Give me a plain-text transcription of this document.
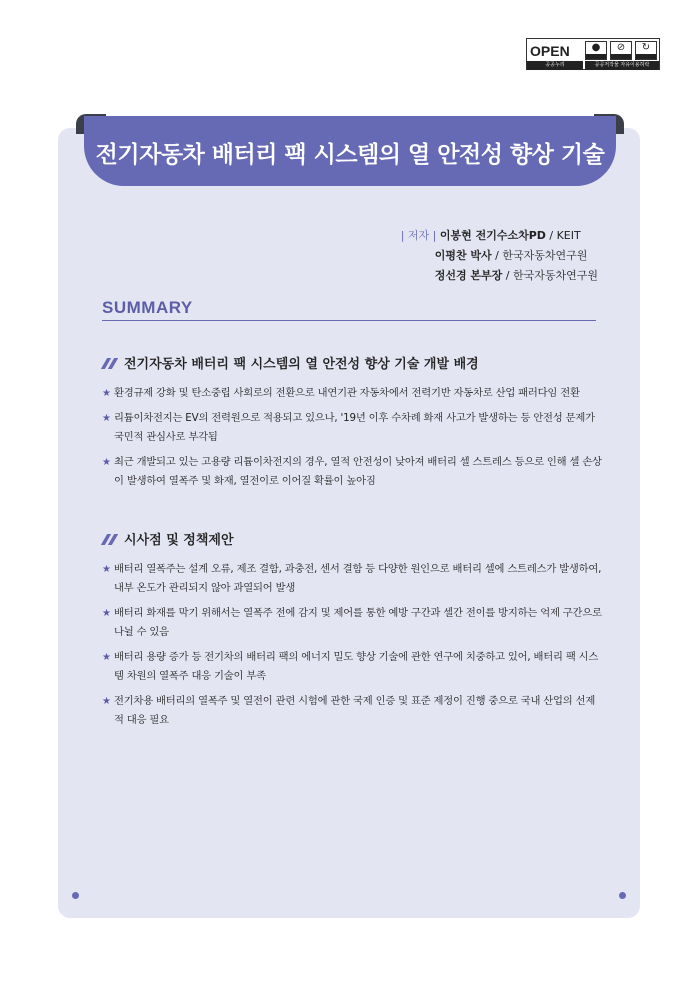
OPEN
공공누리
●	⊘	↻
공공저작물 자유이용허락
전기자동차 배터리 팩 시스템의 열 안전성 향상 기술
| 저자 | 이봉현 전기수소차PD / KEIT
이평찬 박사 / 한국자동차연구원
정선경 본부장 / 한국자동차연구원
SUMMARY
전기자동차 배터리 팩 시스템의 열 안전성 향상 기술 개발 배경
★ 환경규제 강화 및 탄소중립 사회로의 전환으로 내연기관 자동차에서 전력기반 자동차로 산업 패러다임 전환
★ 리튬이차전지는 EV의 전력원으로 적용되고 있으나, '19년 이후 수차례 화재 사고가 발생하는 등 안전성 문제가 국민적 관심사로 부각됨
★ 최근 개발되고 있는 고용량 리튬이차전지의 경우, 열적 안전성이 낮아져 배터리 셀 스트레스 등으로 인해 셀 손상이 발생하여 열폭주 및 화재, 열전이로 이어질 확률이 높아짐
시사점 및 정책제안
★ 배터리 열폭주는 설계 오류, 제조 결함, 과충전, 센서 결함 등 다양한 원인으로 배터리 셀에 스트레스가 발생하여, 내부 온도가 관리되지 않아 과열되어 발생
★ 배터리 화재를 막기 위해서는 열폭주 전에 감지 및 제어를 통한 예방 구간과 셀간 전이를 방지하는 억제 구간으로 나뉠 수 있음
★ 배터리 용량 증가 등 전기차의 배터리 팩의 에너지 밀도 향상 기술에 관한 연구에 치중하고 있어, 배터리 팩 시스템 차원의 열폭주 대응 기술이 부족
★ 전기차용 배터리의 열폭주 및 열전이 관련 시험에 관한 국제 인증 및 표준 제정이 진행 중으로 국내 산업의 선제적 대응 필요
